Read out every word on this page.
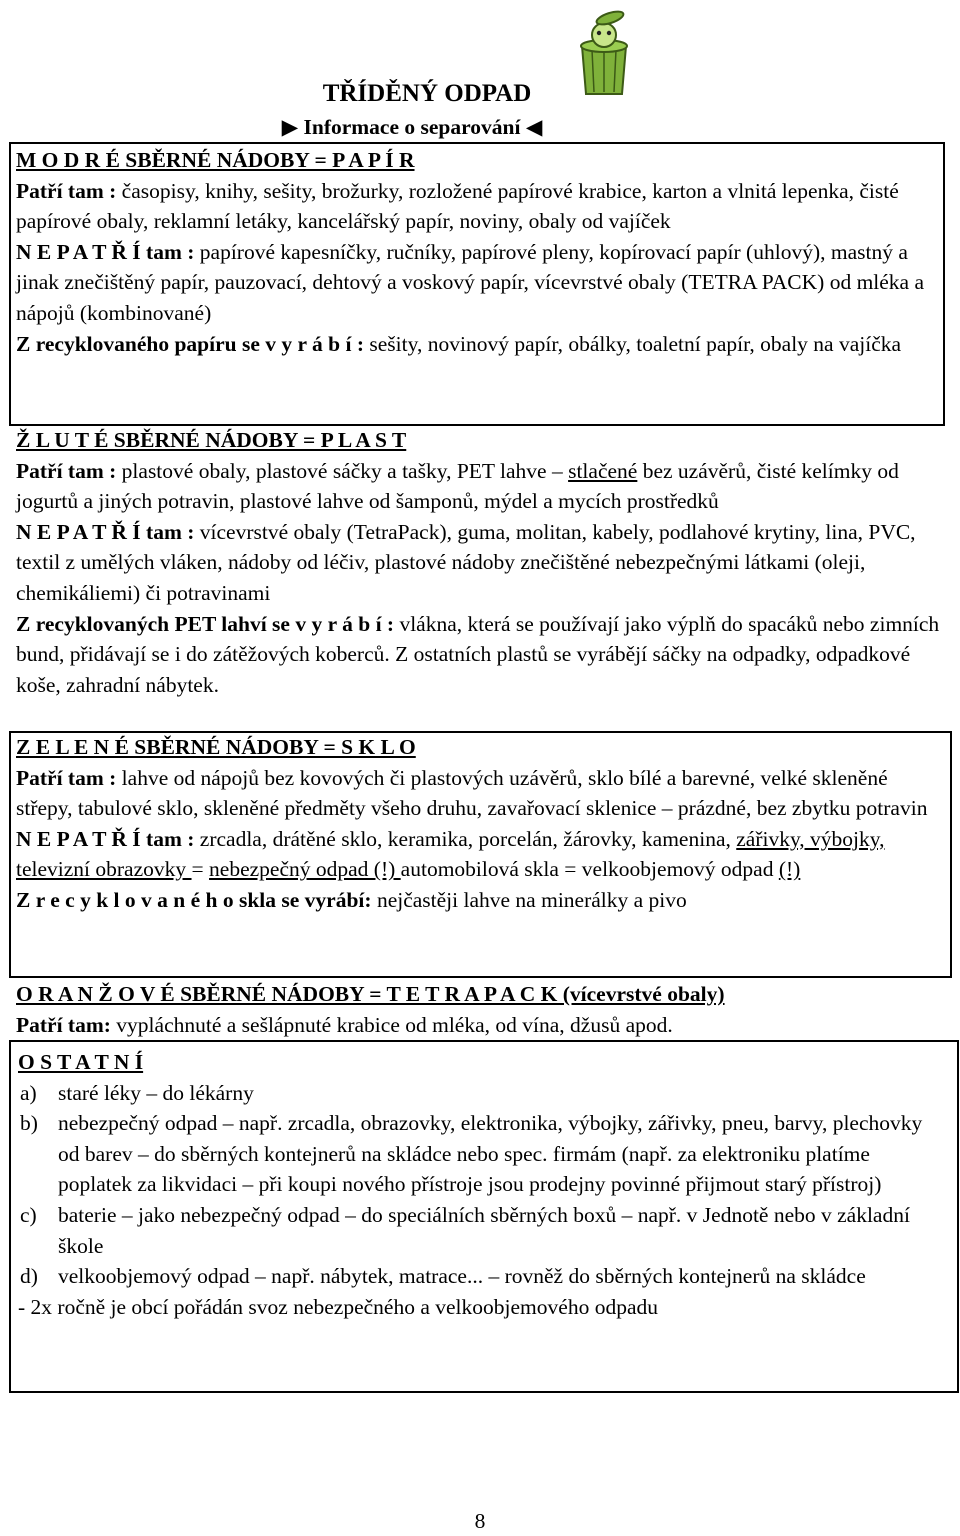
TŘÍDĚNÝ ODPAD
▶ Informace o separování ◀

M O D R É SBĚRNÉ NÁDOBY = P A P Í R

Patří tam : časopisy, knihy, sešity, brožurky, rozložené papírové krabice, karton a vlnitá lepenka, čisté papírové obaly, reklamní letáky, kancelářský papír, noviny, obaly od vajíček

N E P A T Ř Í tam : papírové kapesníčky, ručníky, papírové pleny, kopírovací papír (uhlový), mastný a jinak znečištěný papír, pauzovací, dehtový a voskový papír, vícevrstvé obaly (TETRA PACK) od mléka a nápojů (kombinované)

Z recyklovaného papíru se v y r á b í : sešity, novinový papír, obálky, toaletní papír, obaly na vajíčka

Ž L U T É SBĚRNÉ NÁDOBY = P L A S T

Patří tam : plastové obaly, plastové sáčky a tašky, PET lahve – stlačené bez uzávěrů, čisté kelímky od jogurtů a jiných potravin, plastové lahve od šamponů, mýdel a mycích prostředků

N E P A T Ř Í tam : vícevrstvé obaly (TetraPack), guma, molitan, kabely, podlahové krytiny, lina, PVC, textil z umělých vláken, nádoby od léčiv, plastové nádoby znečištěné nebezpečnými látkami (oleji, chemikáliemi) či potravinami

Z recyklovaných PET lahví se v y r á b í : vlákna, která se používají jako výplň do spacáků nebo zimních bund, přidávají se i do zátěžových koberců. Z ostatních plastů se vyrábějí sáčky na odpadky, odpadkové koše, zahradní nábytek.

Z E L E N É SBĚRNÉ NÁDOBY = S K L O

Patří tam : lahve od nápojů bez kovových či plastových uzávěrů, sklo bílé a barevné, velké skleněné střepy, tabulové sklo, skleněné předměty všeho druhu, zavařovací sklenice – prázdné, bez zbytku potravin

N E P A T Ř Í tam : zrcadla, drátěné sklo, keramika, porcelán, žárovky, kamenina, zářivky, výbojky, televizní obrazovky = nebezpečný odpad (!) automobilová skla = velkoobjemový odpad (!)

Z r e c y k l o v a n é h o skla se vyrábí: nejčastěji lahve na minerálky a pivo

O R A N Ž O V É SBĚRNÉ NÁDOBY = T E T R A P A C K (vícevrstvé obaly)

Patří tam: vypláchnuté a sešlápnuté krabice od mléka, od vína, džusů apod.

O S T A T N Í

a) staré léky – do lékárny
b) nebezpečný odpad – např. zrcadla, obrazovky, elektronika, výbojky, zářivky, pneu, barvy, plechovky od barev – do sběrných kontejnerů na skládce nebo spec. firmám (např. za elektroniku platíme poplatek za likvidaci – při koupi nového přístroje jsou prodejny povinné přijmout starý přístroj)
c) baterie – jako nebezpečný odpad – do speciálních sběrných boxů – např. v Jednotě nebo v základní škole
d) velkoobjemový odpad – např. nábytek, matrace... – rovněž do sběrných kontejnerů na skládce

- 2x ročně je obcí pořádán svoz nebezpečného a velkoobjemového odpadu

8
